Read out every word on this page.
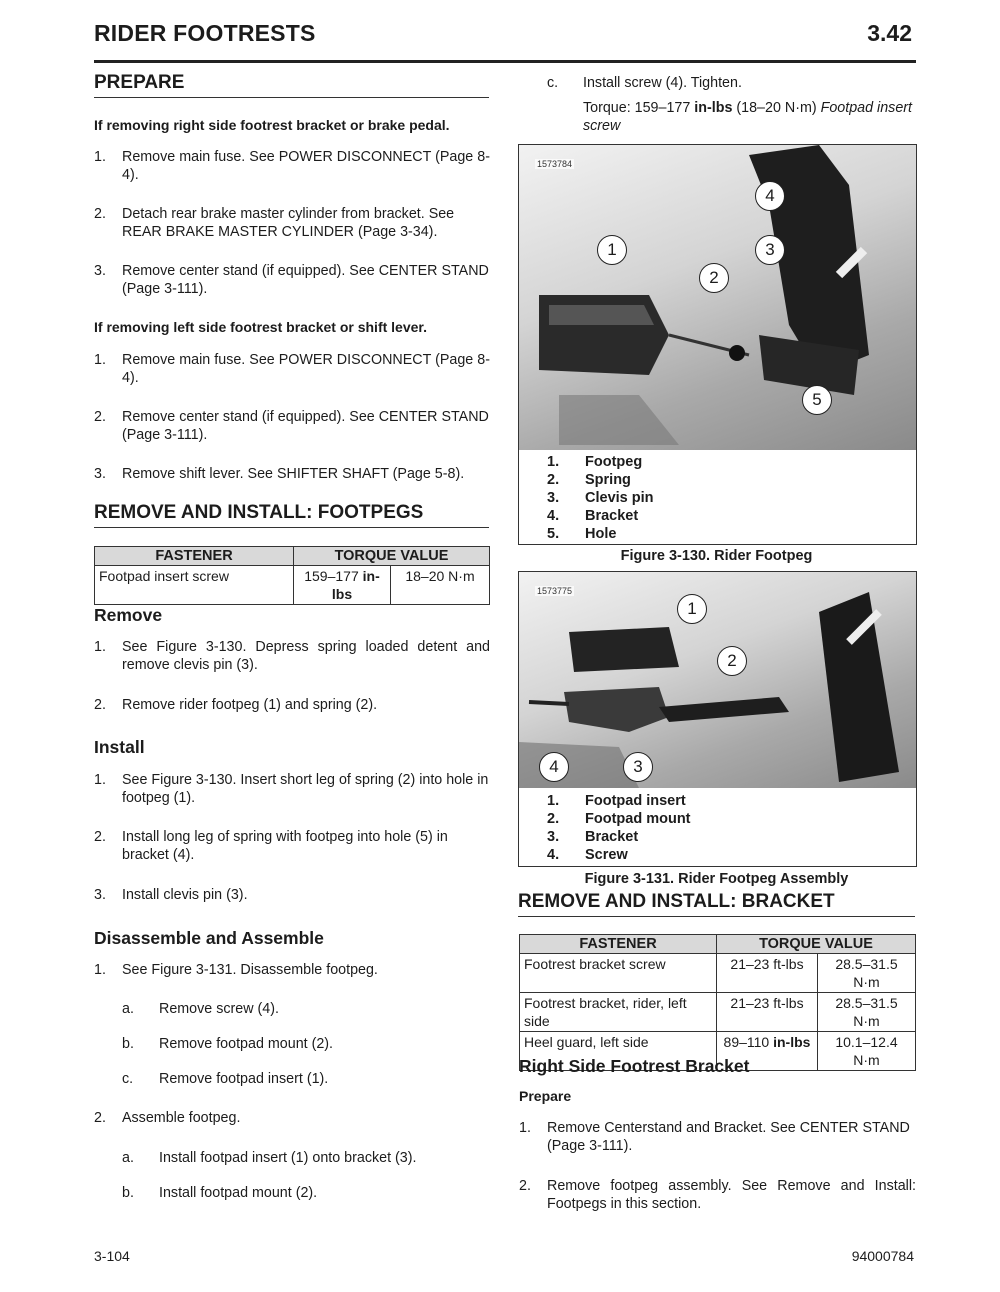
RIDER FOOTRESTS	3.42
PREPARE
If removing right side footrest bracket or brake pedal.
1. Remove main fuse. See POWER DISCONNECT (Page 8-4).
2. Detach rear brake master cylinder from bracket. See REAR BRAKE MASTER CYLINDER (Page 3-34).
3. Remove center stand (if equipped). See CENTER STAND (Page 3-111).
If removing left side footrest bracket or shift lever.
1. Remove main fuse. See POWER DISCONNECT (Page 8-4).
2. Remove center stand (if equipped). See CENTER STAND (Page 3-111).
3. Remove shift lever. See SHIFTER SHAFT (Page 5-8).
REMOVE AND INSTALL: FOOTPEGS
FASTENER	TORQUE VALUE	
Footpad insert screw	159–177 in-lbs	18–20 N·m
Remove
1. See Figure 3-130. Depress spring loaded detent and remove clevis pin (3).
2. Remove rider footpeg (1) and spring (2).
Install
1. See Figure 3-130. Insert short leg of spring (2) into hole in footpeg (1).
2. Install long leg of spring with footpeg into hole (5) in bracket (4).
3. Install clevis pin (3).
Disassemble and Assemble
1. See Figure 3-131. Disassemble footpeg.
a. Remove screw (4).
b. Remove footpad mount (2).
c. Remove footpad insert (1).
2. Assemble footpeg.
a. Install footpad insert (1) onto bracket (3).
b. Install footpad mount (2).
c. Install screw (4). Tighten.
Torque: 159–177 in-lbs (18–20 N·m) Footpad insert screw
1573784
1
2
3
4
5
1. Footpeg
2. Spring
3. Clevis pin
4. Bracket
5. Hole
Figure 3-130. Rider Footpeg
1573775
1
2
3
4
1. Footpad insert
2. Footpad mount
3. Bracket
4. Screw
Figure 3-131. Rider Footpeg Assembly
REMOVE AND INSTALL: BRACKET
FASTENER	TORQUE VALUE	
Footrest bracket screw	21–23 ft-lbs	28.5–31.5 N·m
Footrest bracket, rider, left side	21–23 ft-lbs	28.5–31.5 N·m
Heel guard, left side	89–110 in-lbs	10.1–12.4 N·m
Right Side Footrest Bracket
Prepare
1. Remove Centerstand and Bracket. See CENTER STAND (Page 3-111).
2. Remove footpeg assembly. See Remove and Install: Footpegs in this section.
3-104	94000784
